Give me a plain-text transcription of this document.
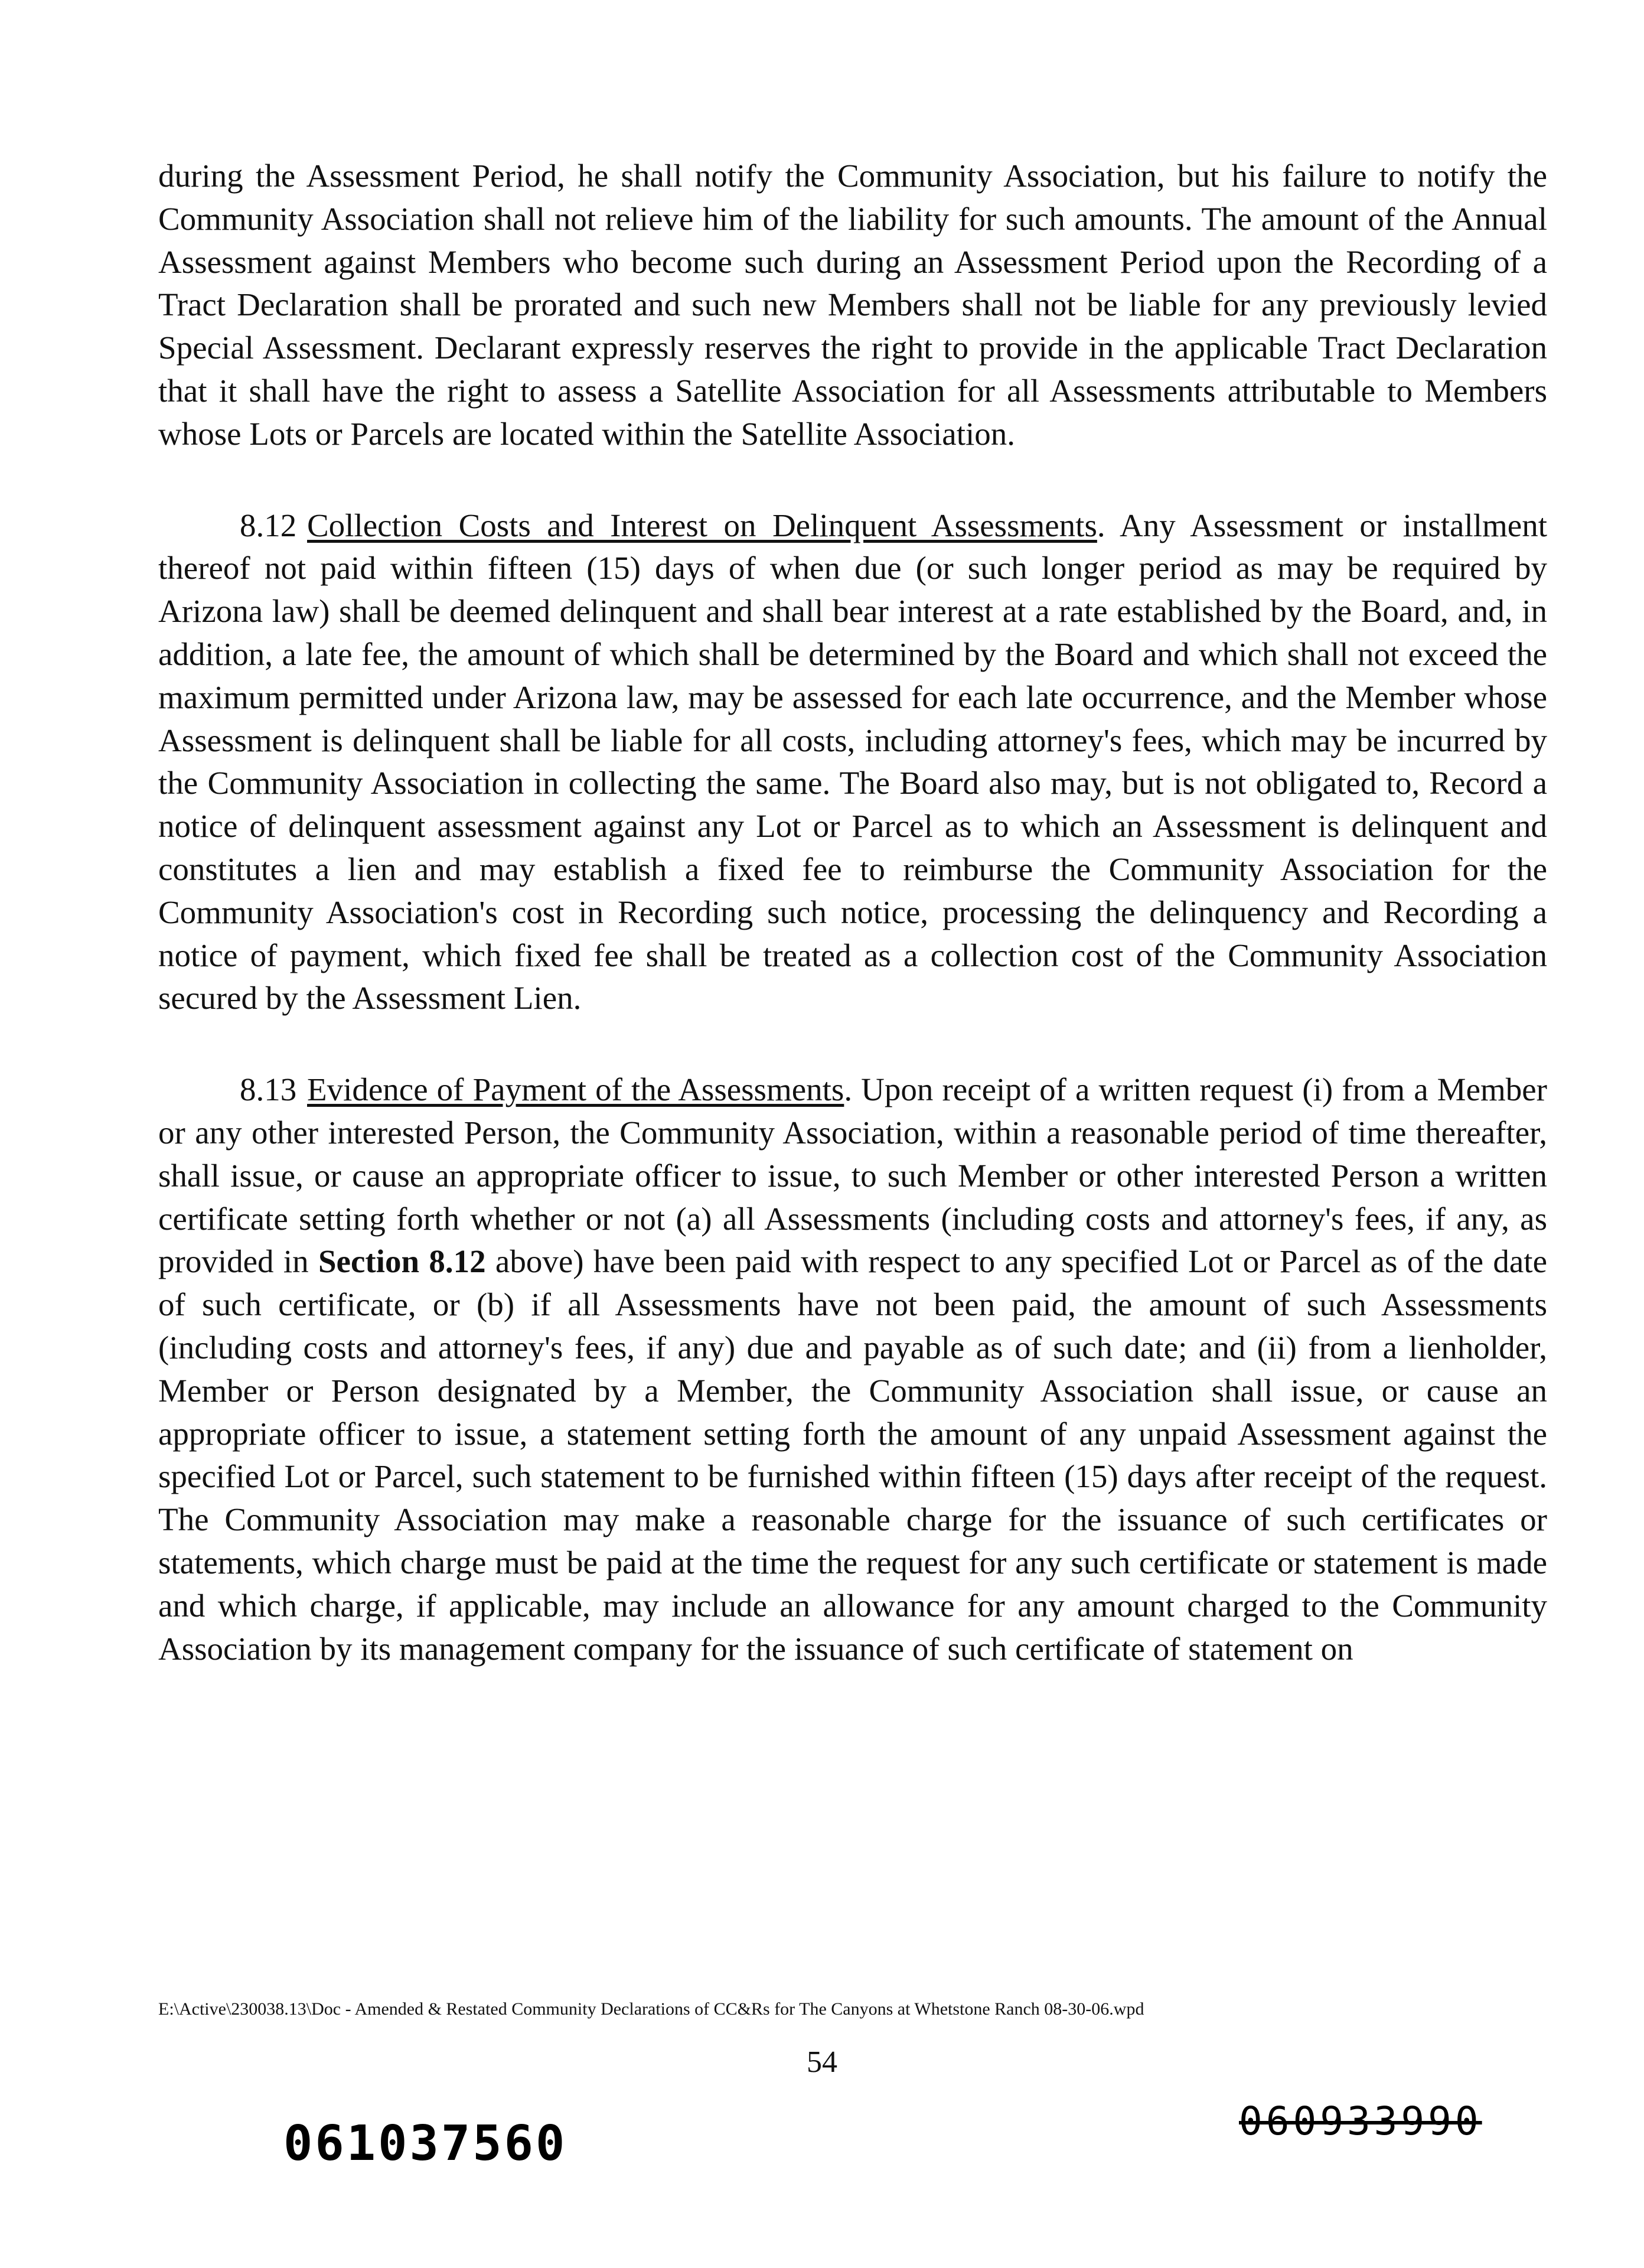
during the Assessment Period, he shall notify the Community Association, but his failure to notify the Community Association shall not relieve him of the liability for such amounts. The amount of the Annual Assessment against Members who become such during an Assessment Period upon the Recording of a Tract Declaration shall be prorated and such new Members shall not be liable for any previously levied Special Assessment. Declarant expressly reserves the right to provide in the applicable Tract Declaration that it shall have the right to assess a Satellite Association for all Assessments attributable to Members whose Lots or Parcels are located within the Satellite Association.

8.12 Collection Costs and Interest on Delinquent Assessments. Any Assessment or installment thereof not paid within fifteen (15) days of when due (or such longer period as may be required by Arizona law) shall be deemed delinquent and shall bear interest at a rate established by the Board, and, in addition, a late fee, the amount of which shall be determined by the Board and which shall not exceed the maximum permitted under Arizona law, may be assessed for each late occurrence, and the Member whose Assessment is delinquent shall be liable for all costs, including attorney's fees, which may be incurred by the Community Association in collecting the same. The Board also may, but is not obligated to, Record a notice of delinquent assessment against any Lot or Parcel as to which an Assessment is delinquent and constitutes a lien and may establish a fixed fee to reimburse the Community Association for the Community Association's cost in Recording such notice, processing the delinquency and Recording a notice of payment, which fixed fee shall be treated as a collection cost of the Community Association secured by the Assessment Lien.

8.13 Evidence of Payment of the Assessments. Upon receipt of a written request (i) from a Member or any other interested Person, the Community Association, within a reasonable period of time thereafter, shall issue, or cause an appropriate officer to issue, to such Member or other interested Person a written certificate setting forth whether or not (a) all Assessments (including costs and attorney's fees, if any, as provided in Section 8.12 above) have been paid with respect to any specified Lot or Parcel as of the date of such certificate, or (b) if all Assessments have not been paid, the amount of such Assessments (including costs and attorney's fees, if any) due and payable as of such date; and (ii) from a lienholder, Member or Person designated by a Member, the Community Association shall issue, or cause an appropriate officer to issue, a statement setting forth the amount of any unpaid Assessment against the specified Lot or Parcel, such statement to be furnished within fifteen (15) days after receipt of the request. The Community Association may make a reasonable charge for the issuance of such certificates or statements, which charge must be paid at the time the request for any such certificate or statement is made and which charge, if applicable, may include an allowance for any amount charged to the Community Association by its management company for the issuance of such certificate of statement on

E:\Active\230038.13\Doc - Amended & Restated Community Declarations of CC&Rs for The Canyons at Whetstone Ranch 08-30-06.wpd
54
061037560	060933990
